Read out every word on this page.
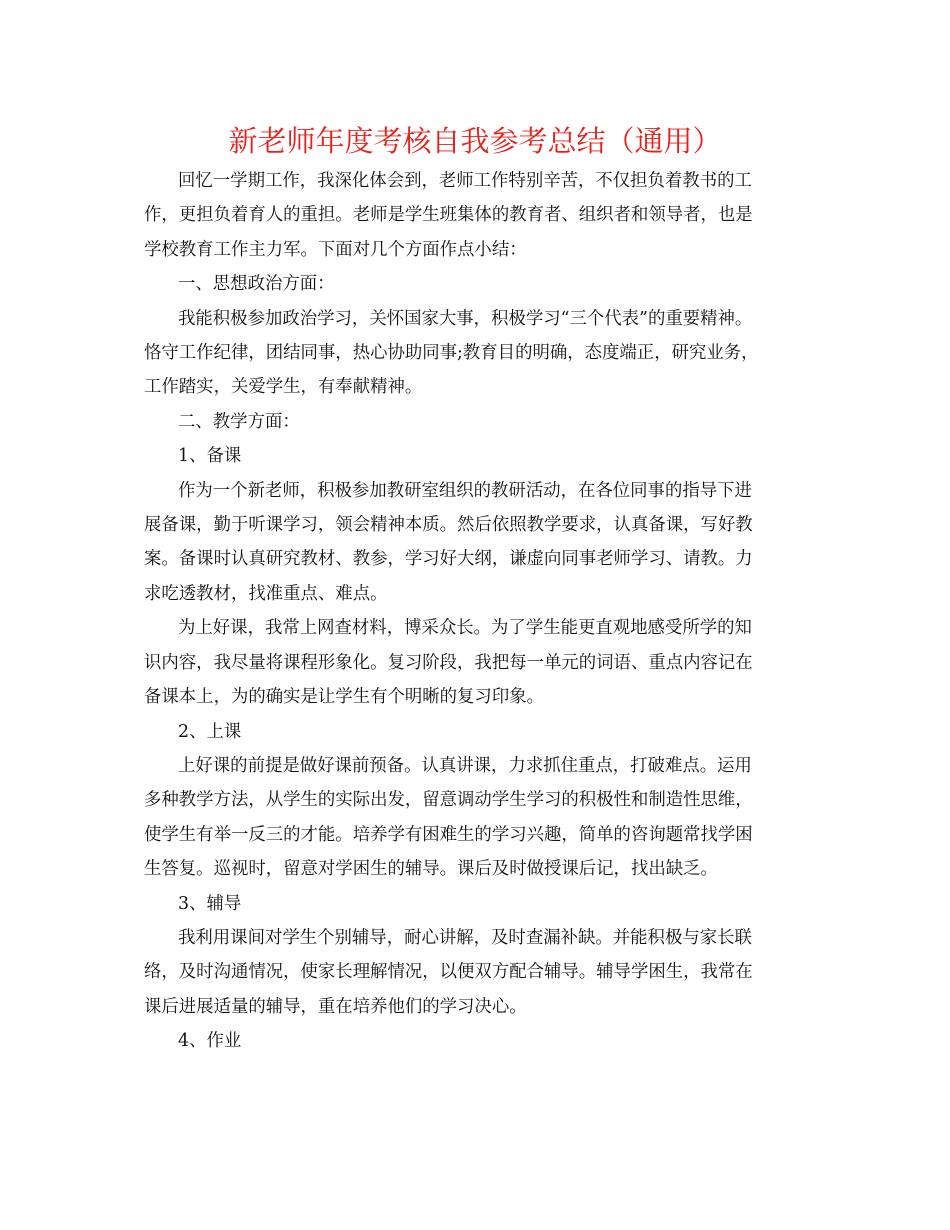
新老师年度考核自我参考总结（通用）
回忆一学期工作，我深化体会到，老师工作特别辛苦，不仅担负着教书的工
作，更担负着育人的重担。老师是学生班集体的教育者、组织者和领导者，也是
学校教育工作主力军。下面对几个方面作点小结：
一、思想政治方面：
我能积极参加政治学习，关怀国家大事，积极学习“三个代表”的重要精神。
恪守工作纪律，团结同事，热心协助同事;教育目的明确，态度端正，研究业务，
工作踏实，关爱学生，有奉献精神。
二、教学方面：
1、备课
作为一个新老师，积极参加教研室组织的教研活动，在各位同事的指导下进
展备课，勤于听课学习，领会精神本质。然后依照教学要求，认真备课，写好教
案。备课时认真研究教材、教参，学习好大纲，谦虚向同事老师学习、请教。力
求吃透教材，找准重点、难点。
为上好课，我常上网查材料，博采众长。为了学生能更直观地感受所学的知
识内容，我尽量将课程形象化。复习阶段，我把每一单元的词语、重点内容记在
备课本上，为的确实是让学生有个明晰的复习印象。
2、上课
上好课的前提是做好课前预备。认真讲课，力求抓住重点，打破难点。运用
多种教学方法，从学生的实际出发，留意调动学生学习的积极性和制造性思维，
使学生有举一反三的才能。培养学有困难生的学习兴趣，简单的咨询题常找学困
生答复。巡视时，留意对学困生的辅导。课后及时做授课后记，找出缺乏。
3、辅导
我利用课间对学生个别辅导，耐心讲解，及时查漏补缺。并能积极与家长联
络，及时沟通情况，使家长理解情况，以便双方配合辅导。辅导学困生，我常在
课后进展适量的辅导，重在培养他们的学习决心。
4、作业
